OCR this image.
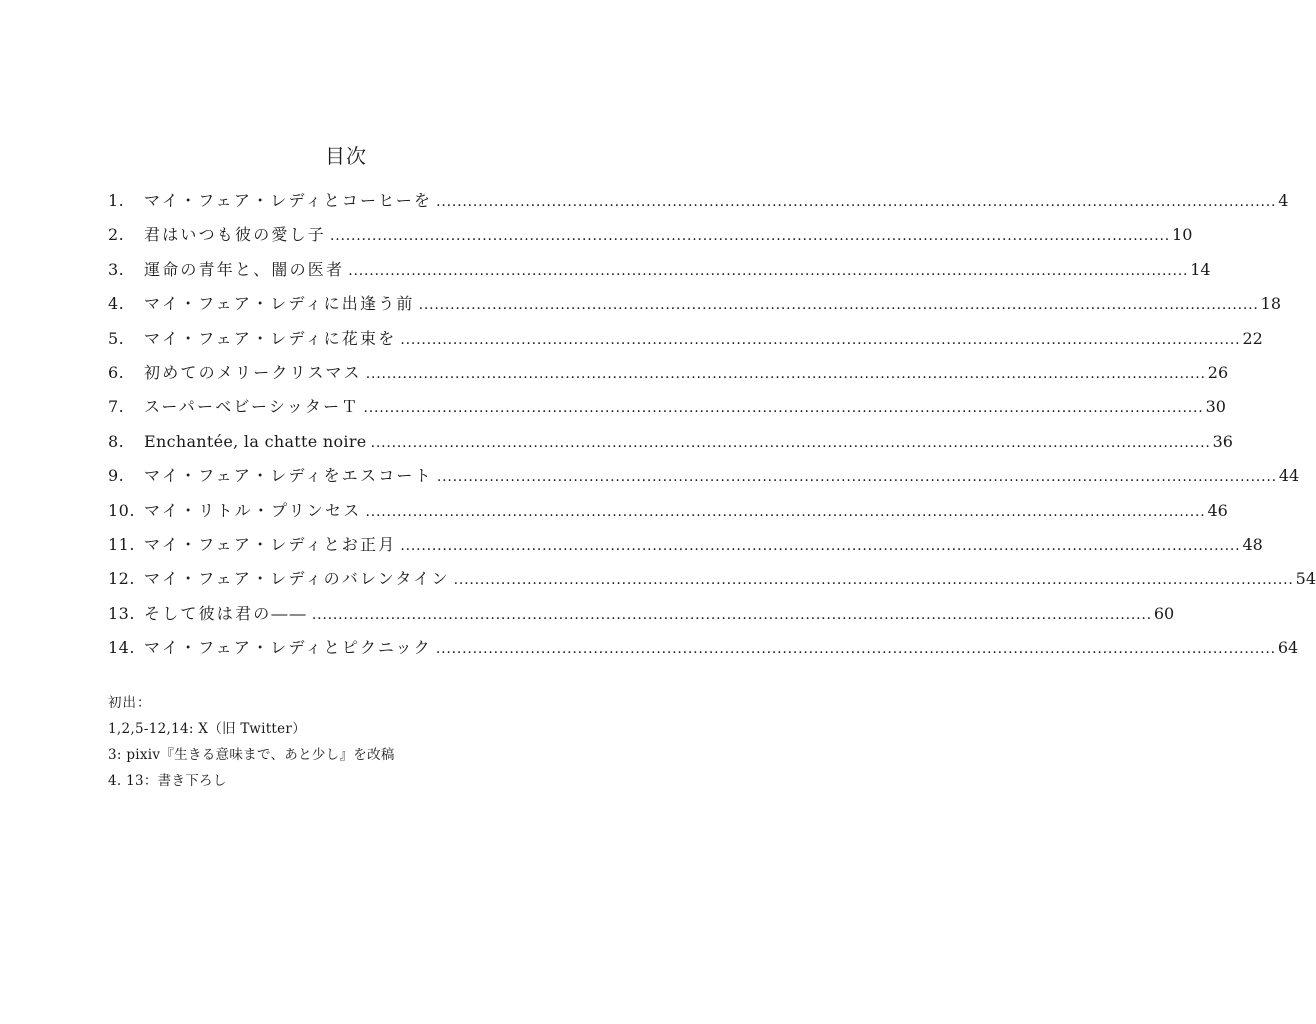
目次
1.	マイ・フェア・レディとコーヒーを .....	4
2.	君はいつも彼の愛し子 .....	10
3.	運命の青年と、闇の医者 .....	14
4.	マイ・フェア・レディに出逢う前 .....	18
5.	マイ・フェア・レディに花束を .....	22
6.	初めてのメリークリスマス .....	26
7.	スーパーベビーシッターＴ .....	30
8.	Enchantée, la chatte noire .....	36
9.	マイ・フェア・レディをエスコート .....	44
10. マイ・リトル・プリンセス .....	46
11. マイ・フェア・レディとお正月 .....	48
12. マイ・フェア・レディのバレンタイン .....	54
13. そして彼は君の―― .....	60
14. マイ・フェア・レディとピクニック .....	64
初出：
1,2,5-12,14: X（旧 Twitter）
3: pixiv『生きる意味まで、あと少し』を改稿
4. 13：書き下ろし
